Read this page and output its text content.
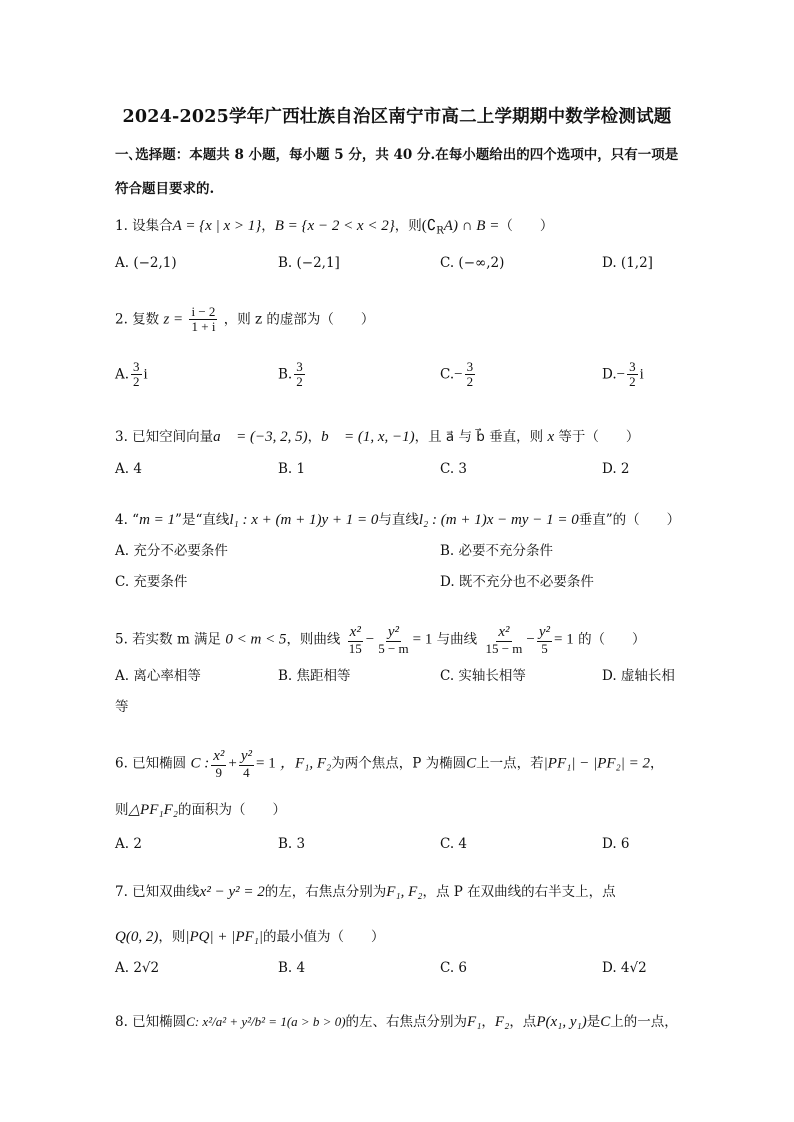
2024-2025学年广西壮族自治区南宁市高二上学期期中数学检测试题
一､选择题：本题共 8 小题，每小题 5 分，共 40 分.在每小题给出的四个选项中，只有一项是
符合题目要求的.
1. 设集合A = {x | x > 1}，B = {x − 2 < x < 2}，则$(∁_RA)$ ∩ B =（　　）
A. (−2,1)	B. (−2,1]	C. (−∞,2)	D. (1,2]
2. 复数 $z = \frac{i - 2}{1 + i}$ ，则 z 的虚部为（　　）
A. $\frac{3}{2}$ i	B. $\frac{3}{2}$	$C.- \frac{3}{2}$	$D.- \frac{3}{2}$ i
3. 已知空间向量a⃗ = (−3, 2, 5)，b⃗ = (1, x, −1)，且 a⃗ 与 b⃗ 垂直，则 x 等于（　　）
A. 4	B. 1	C. 3	D. 2
4. “m = 1”是“直线l₁ : x + (m + 1)y + 1 = 0与直线l₂ : (m + 1)x − my − 1 = 0垂直”的（　　）
A. 充分不必要条件	B. 必要不充分条件
C. 充要条件	D. 既不充分也不必要条件
5. 若实数 m 满足 0 < m < 5，则曲线 $\frac{\text{x²}}{15} - \frac{\text{y²}}{5 - m} = 1$ 与曲线 $\frac{\text{x²}}{15 - m} - \frac{\text{y²}}{5} = 1$ 的（　　）
A. 离心率相等	B. 焦距相等	C. 实轴长相等	D. 虚轴长相
等
6. 已知椭圆 C : $\frac{\text{x²}}{9} + \frac{\text{y²}}{4} = 1$ ，F₁, F₂为两个焦点，P 为椭圆C上一点，若|PF₁| − |PF₂| = 2，
则△PF₁F₂的面积为（　　）
A. 2	B. 3	C. 4	D. 6
7. 已知双曲线x² − y² = 2的左，右焦点分别为F₁, F₂，点 P 在双曲线的右半支上，点
Q(0, 2)，则|PQ| + |PF₁|的最小值为（　　）
A. 2√2	B. 4	C. 6	D. 4√2
8. 已知椭圆C: x²/a² + y²/b² = 1(a > b > 0)的左、右焦点分别为F₁，F₂，点P(x₁, y₁)是C上的一点，
